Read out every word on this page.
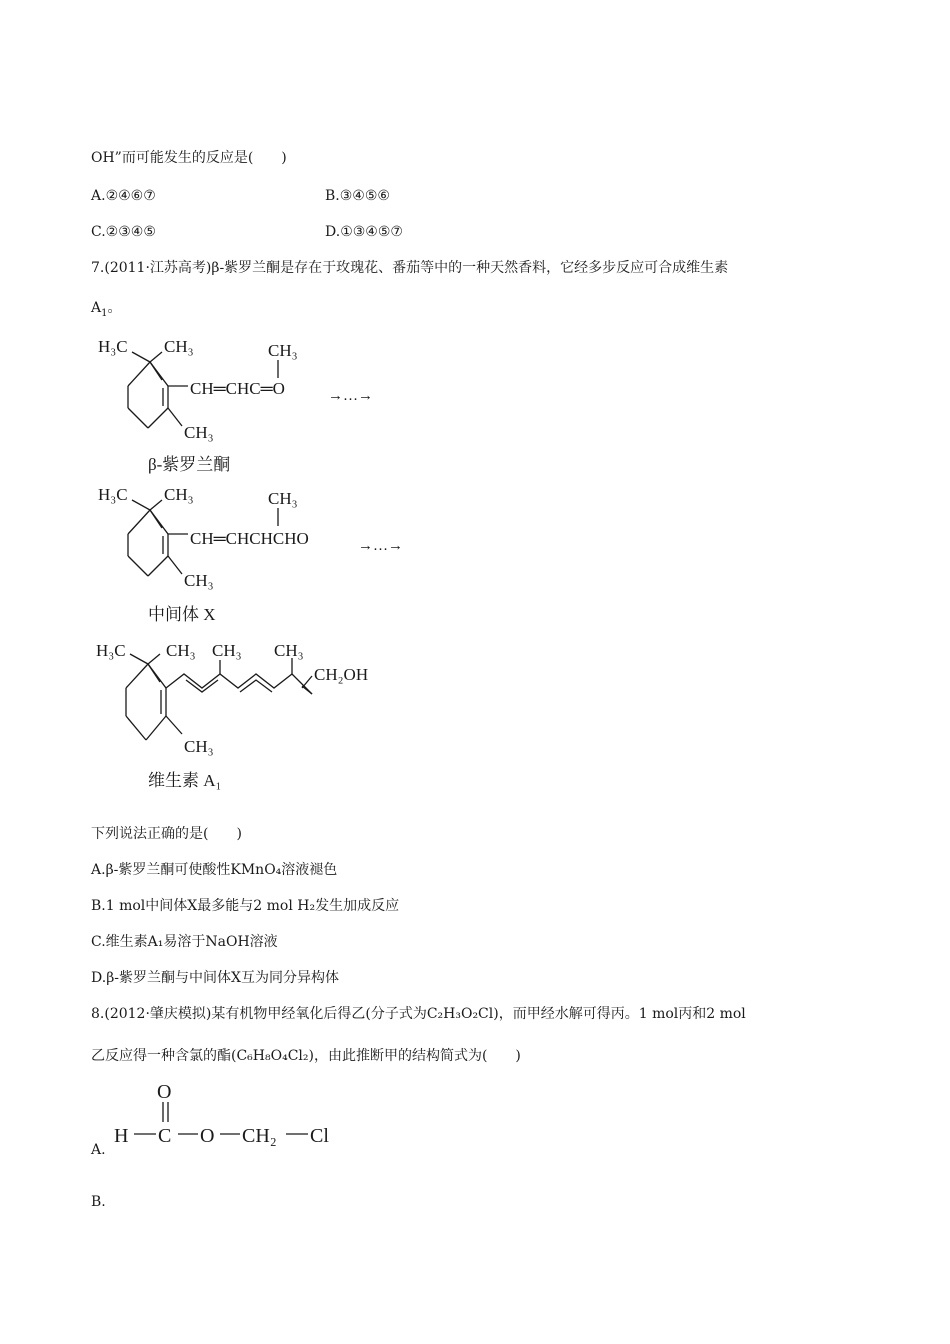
OH”而可能发生的反应是(　　)
A.②④⑥⑦	B.③④⑤⑥
C.②③④⑤	D.①③④⑤⑦
7.(2011·江苏高考)β-紫罗兰酮是存在于玫瑰花、番茄等中的一种天然香料，它经多步反应可合成维生素
$A_1$。
H₃C CH₃	CH₃
CH═CHC═O	→…→
CH₃
β-紫罗兰酮
H₃C CH₃	CH₃
CH═CHCHCHO	→…→
CH₃
中间体 X
H₃C CH₃ CH₃ CH₃
CH₂OH
CH₃
维生素 A₁
下列说法正确的是(　　)
A.β-紫罗兰酮可使酸性KMnO₄溶液褪色
B.1 mol中间体X最多能与2 mol H₂发生加成反应
C.维生素A₁易溶于NaOH溶液
D.β-紫罗兰酮与中间体X互为同分异构体
8.(2012·肇庆模拟)某有机物甲经氧化后得乙(分子式为C₂H₃O₂Cl)，而甲经水解可得丙。1 mol丙和2 mol
乙反应得一种含氯的酯(C₆H₈O₄Cl₂)，由此推断甲的结构简式为(　　)
A.
O
H C O CH₂ Cl
B.
